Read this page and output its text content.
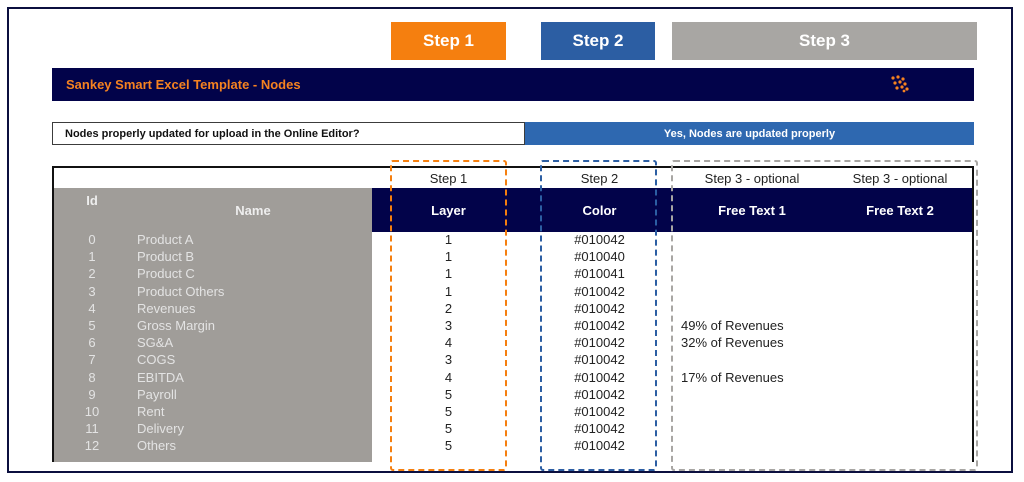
Step 1	Step 2	Step 3
Sankey Smart Excel Template - Nodes
Nodes properly updated for upload in the Online Editor?	Yes, Nodes are updated properly
Step 1	Step 2	Step 3 - optional	Step 3 - optional
Id
Name	Layer	Color	Free Text 1	Free Text 2
0	Product A	1	#010042
1	Product B	1	#010040
2	Product C	1	#010041
3	Product Others	1	#010042
4	Revenues	2	#010042
5	Gross Margin	3	#010042	49% of Revenues
6	SG&A	4	#010042	32% of Revenues
7	COGS	3	#010042
8	EBITDA	4	#010042	17% of Revenues
9	Payroll	5	#010042
10	Rent	5	#010042
11	Delivery	5	#010042
12	Others	5	#010042
